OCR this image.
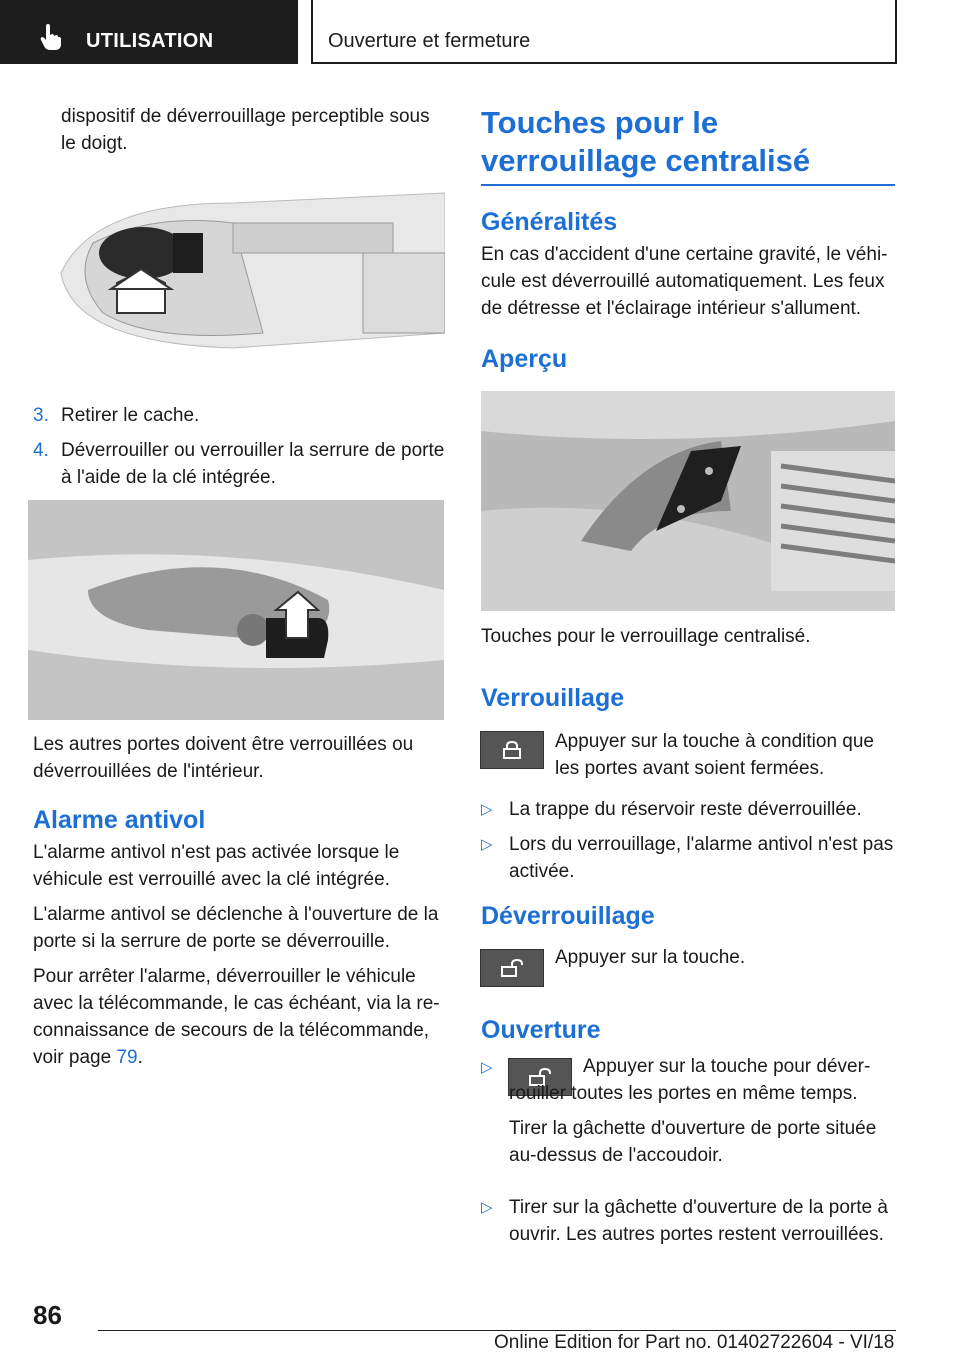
UTILISATION	Ouverture et fermeture

dispositif de déverrouillage perceptible sous le doigt.

3. Retirer le cache.
4. Déverrouiller ou verrouiller la serrure de porte à l'aide de la clé intégrée.

Les autres portes doivent être verrouillées ou déverrouillées de l'intérieur.

Alarme antivol

L'alarme antivol n'est pas activée lorsque le véhicule est verrouillé avec la clé intégrée.

L'alarme antivol se déclenche à l'ouverture de la porte si la serrure de porte se déverrouille.

Pour arrêter l'alarme, déverrouiller le véhicule avec la télécommande, le cas échéant, via la reconnaissance de secours de la télécommande, voir page 79.

Touches pour le verrouillage centralisé

Généralités

En cas d'accident d'une certaine gravité, le véhicule est déverrouillé automatiquement. Les feux de détresse et l'éclairage intérieur s'allument.

Aperçu

Touches pour le verrouillage centralisé.

Verrouillage

Appuyer sur la touche à condition que les portes avant soient fermées.

▷ La trappe du réservoir reste déverrouillée.
▷ Lors du verrouillage, l'alarme antivol n'est pas activée.

Déverrouillage

Appuyer sur la touche.

Ouverture

▷	Appuyer sur la touche pour déverrouiller toutes les portes en même temps.

Tirer la gâchette d'ouverture de porte située au-dessus de l'accoudoir.

▷ Tirer sur la gâchette d'ouverture de la porte à ouvrir. Les autres portes restent verrouillées.
86
Online Edition for Part no. 01402722604 - VI/18
